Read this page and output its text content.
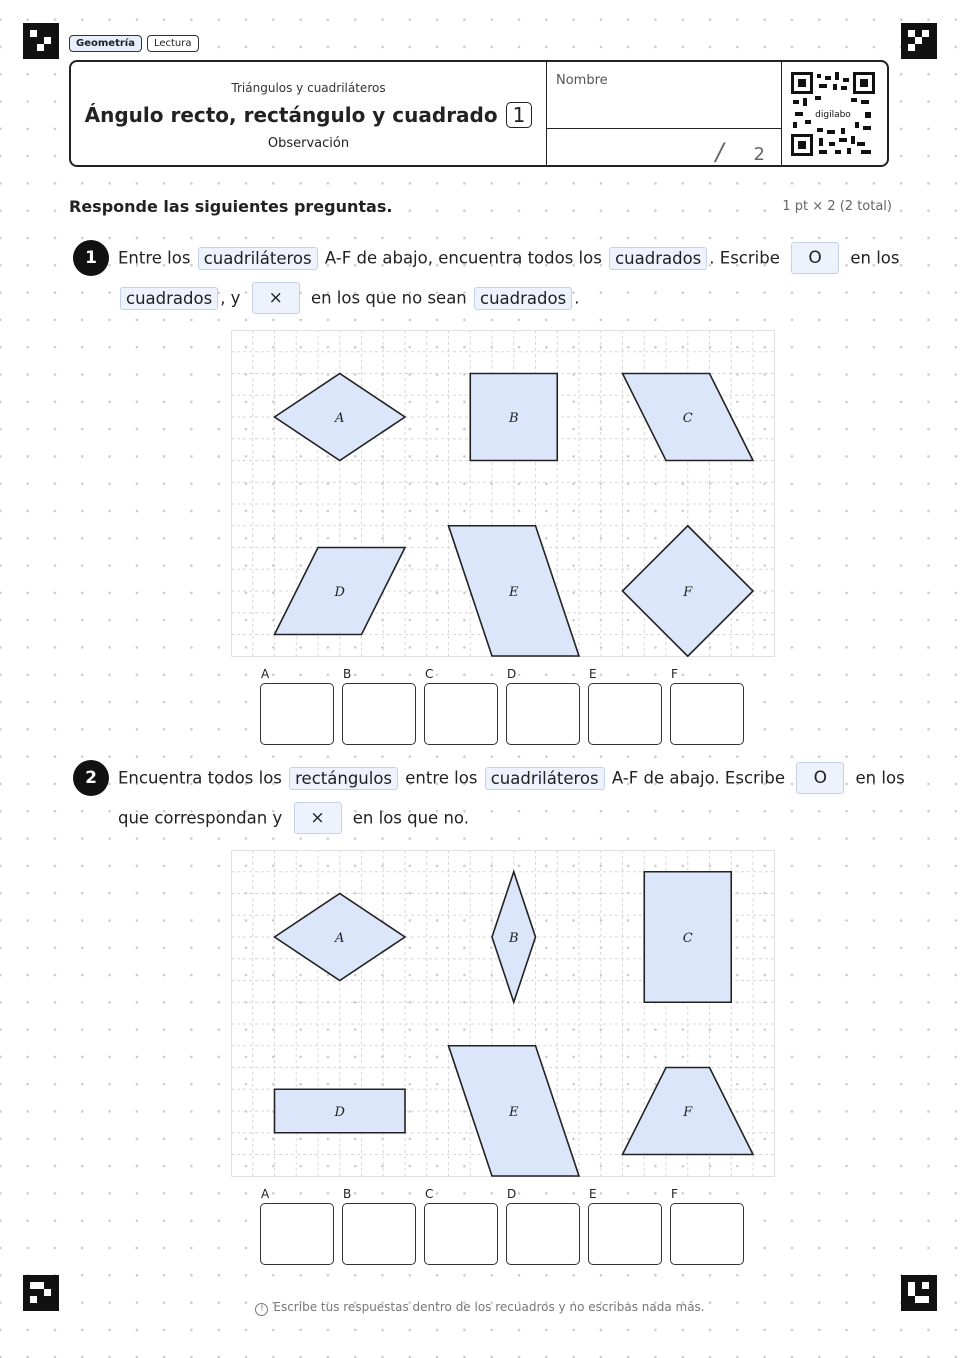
Geometría	Lectura
Triángulos y cuadriláteros
Ángulo recto, rectángulo y cuadrado 1
Observación
Nombre
/ 2
digilabo
Responde las siguientes preguntas.	1 pt × 2 (2 total)
1	Entre los cuadriláteros A-F de abajo, encuentra todos los cuadrados . Escribe O en los
cuadrados , y × en los que no sean cuadrados .
A	B	C
D	E	F
A	B	C	D	E	F
2	Encuentra todos los rectángulos entre los cuadriláteros A-F de abajo. Escribe O en los
que correspondan y × en los que no.
A	B	C
D	E	F
A	B	C	D	E	F
! Escribe tus respuestas dentro de los recuadros y no escribas nada más.
